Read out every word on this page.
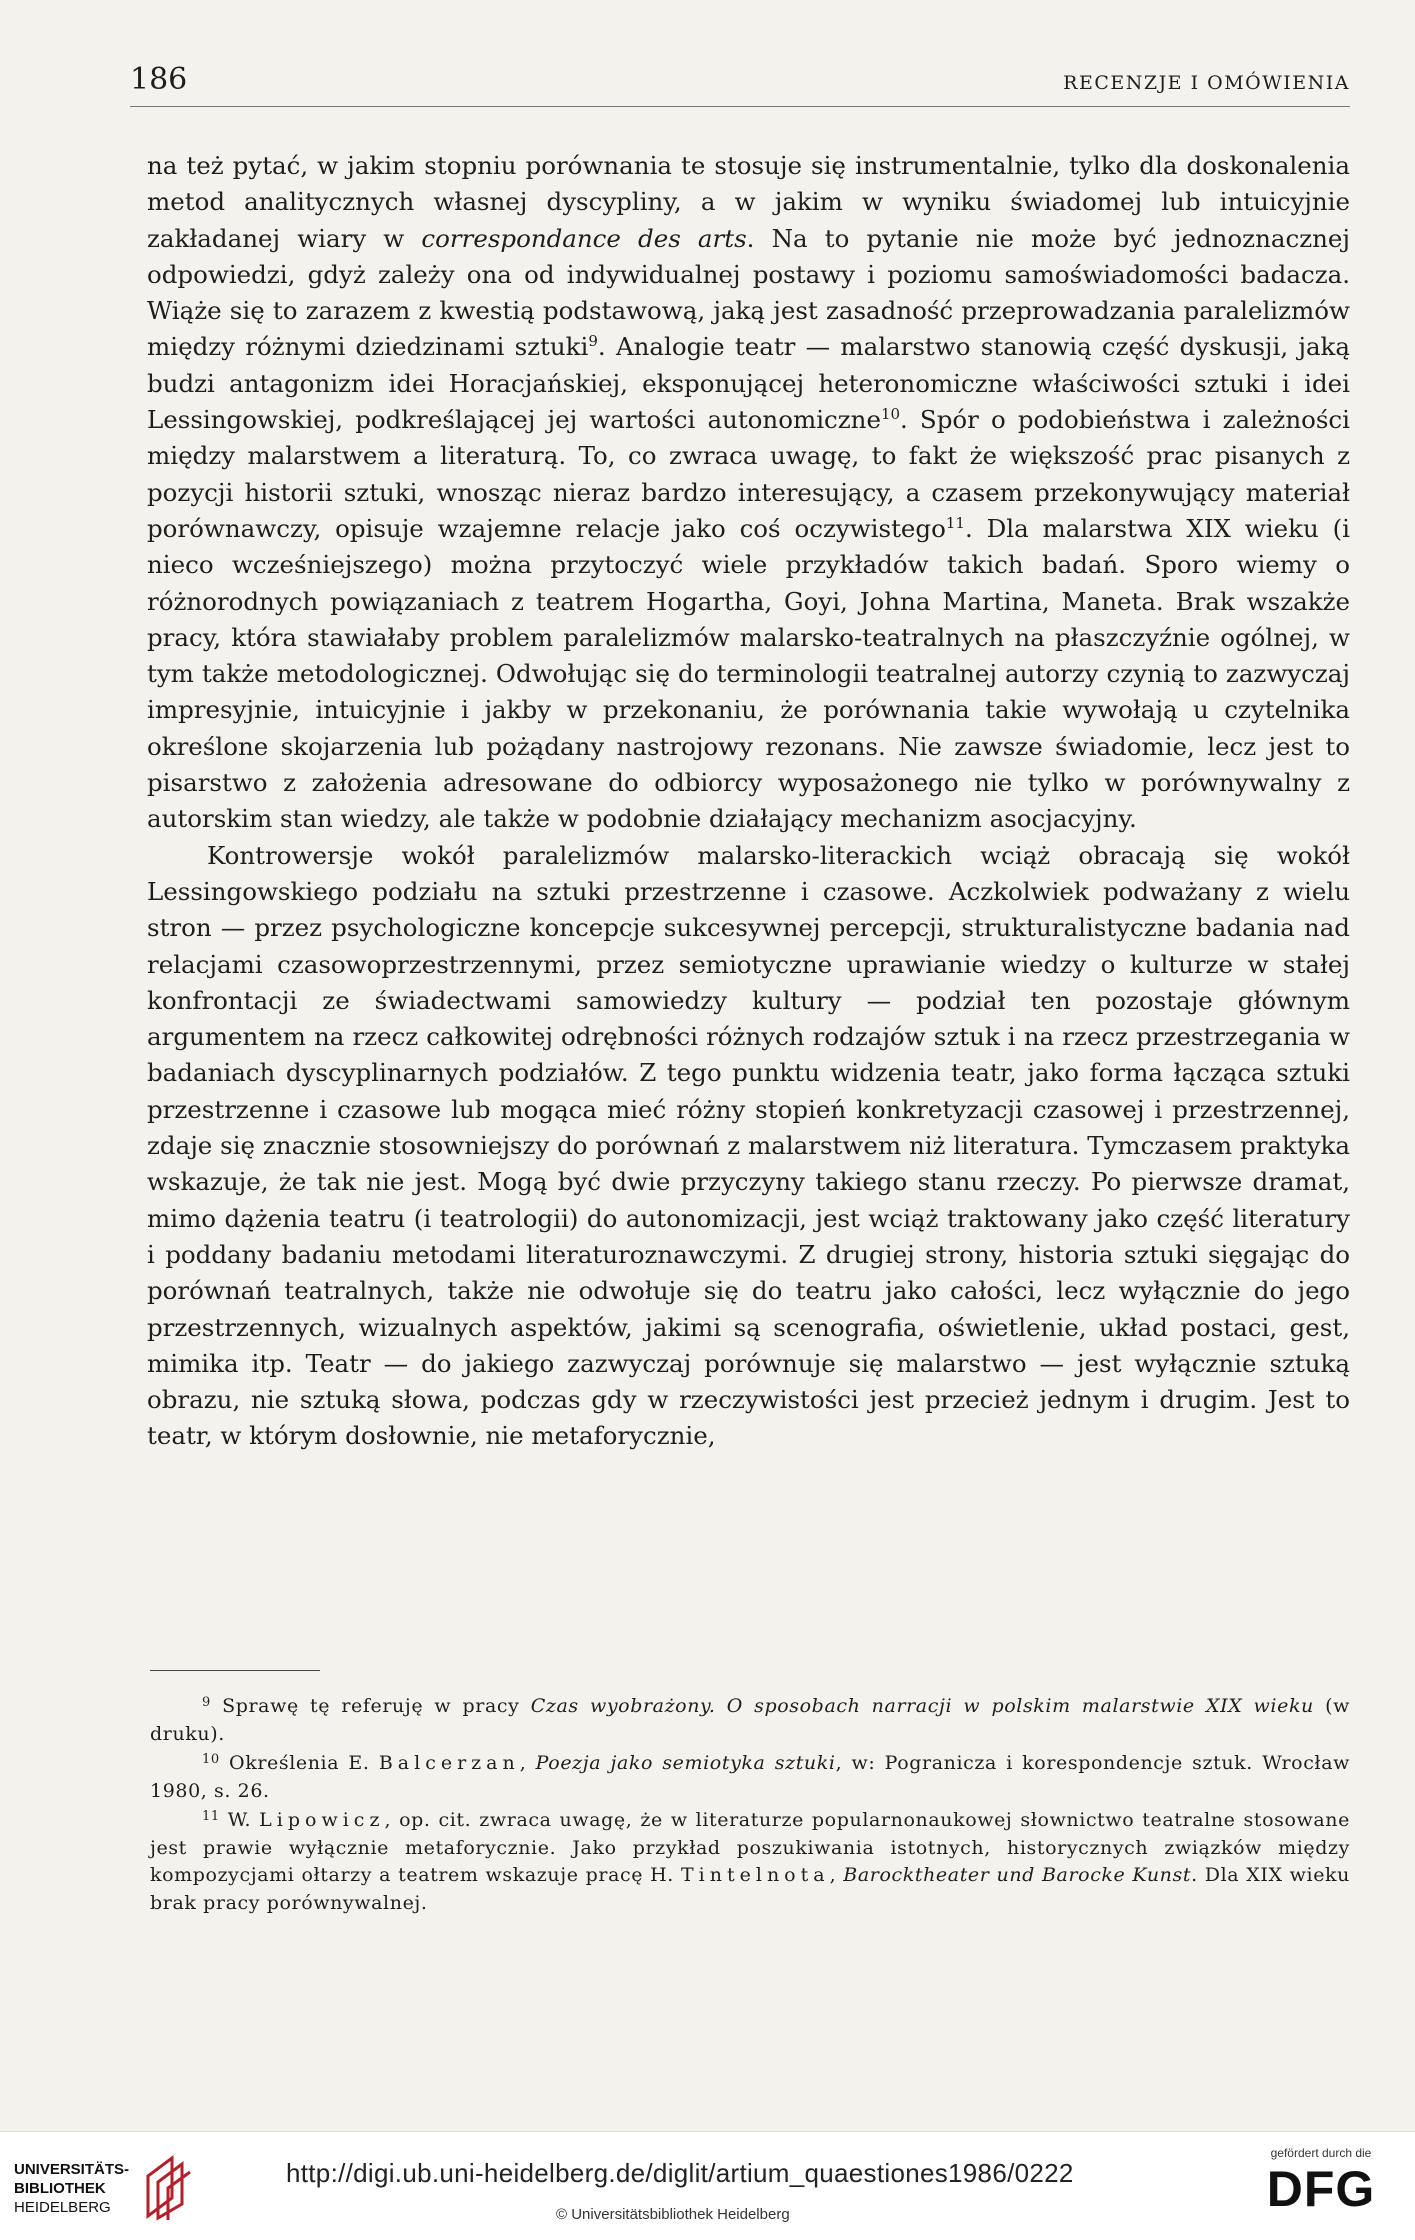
186	RECENZJE I OMÓWIENIA

na też pytać, w jakim stopniu porównania te stosuje się instrumentalnie, tylko dla doskonalenia metod analitycznych własnej dyscypliny, a w jakim w wyniku świadomej lub intuicyjnie zakładanej wiary w correspondance des arts. Na to pytanie nie może być jednoznacznej odpowiedzi, gdyż zależy ona od indywidualnej postawy i poziomu samoświadomości badacza. Wiąże się to zarazem z kwestią podstawową, jaką jest zasadność przeprowadzania paralelizmów między różnymi dziedzinami sztuki$^9$. Analogie teatr — malarstwo stanowią część dyskusji, jaką budzi antagonizm idei Horacjańskiej, eksponującej heteronomiczne właściwości sztuki i idei Lessingowskiej, podkreślającej jej wartości autonomiczne$^{10}$. Spór o podobieństwa i zależności między malarstwem a literaturą. To, co zwraca uwagę, to fakt że większość prac pisanych z pozycji historii sztuki, wnosząc nieraz bardzo interesujący, a czasem przekonywujący materiał porównawczy, opisuje wzajemne relacje jako coś oczywistego$^{11}$. Dla malarstwa XIX wieku (i nieco wcześniejszego) można przytoczyć wiele przykładów takich badań. Sporo wiemy o różnorodnych powiązaniach z teatrem Hogartha, Goyi, Johna Martina, Maneta. Brak wszakże pracy, która stawiałaby problem paralelizmów malarsko-teatralnych na płaszczyźnie ogólnej, w tym także metodologicznej. Odwołując się do terminologii teatralnej autorzy czynią to zazwyczaj impresyjnie, intuicyjnie i jakby w przekonaniu, że porównania takie wywołają u czytelnika określone skojarzenia lub pożądany nastrojowy rezonans. Nie zawsze świadomie, lecz jest to pisarstwo z założenia adresowane do odbiorcy wyposażonego nie tylko w porównywalny z autorskim stan wiedzy, ale także w podobnie działający mechanizm asocjacyjny.

Kontrowersje wokół paralelizmów malarsko-literackich wciąż obracają się wokół Lessingowskiego podziału na sztuki przestrzenne i czasowe. Aczkolwiek podważany z wielu stron — przez psychologiczne koncepcje sukcesywnej percepcji, strukturalistyczne badania nad relacjami czasowoprzestrzennymi, przez semiotyczne uprawianie wiedzy o kulturze w stałej konfrontacji ze świadectwami samowiedzy kultury — podział ten pozostaje głównym argumentem na rzecz całkowitej odrębności różnych rodzajów sztuk i na rzecz przestrzegania w badaniach dyscyplinarnych podziałów. Z tego punktu widzenia teatr, jako forma łącząca sztuki przestrzenne i czasowe lub mogąca mieć różny stopień konkretyzacji czasowej i przestrzennej, zdaje się znacznie stosowniejszy do porównań z malarstwem niż literatura. Tymczasem praktyka wskazuje, że tak nie jest. Mogą być dwie przyczyny takiego stanu rzeczy. Po pierwsze dramat, mimo dążenia teatru (i teatrologii) do autonomizacji, jest wciąż traktowany jako część literatury i poddany badaniu metodami literaturoznawczymi. Z drugiej strony, historia sztuki sięgając do porównań teatralnych, także nie odwołuje się do teatru jako całości, lecz wyłącznie do jego przestrzennych, wizualnych aspektów, jakimi są scenografia, oświetlenie, układ postaci, gest, mimika itp. Teatr — do jakiego zazwyczaj porównuje się malarstwo — jest wyłącznie sztuką obrazu, nie sztuką słowa, podczas gdy w rzeczywistości jest przecież jednym i drugim. Jest to teatr, w którym dosłownie, nie metaforycznie,

$^9$ Sprawę tę referuję w pracy Czas wyobrażony. O sposobach narracji w polskim malarstwie XIX wieku (w druku).

$^{10}$ Określenia E. Balcerzan, Poezja jako semiotyka sztuki, w: Pogranicza i korespondencje sztuk. Wrocław 1980, s. 26.

$^{11}$ W. Lipowicz, op. cit. zwraca uwagę, że w literaturze popularnonaukowej słownictwo teatralne stosowane jest prawie wyłącznie metaforycznie. Jako przykład poszukiwania istotnych, historycznych związków między kompozycjami ołtarzy a teatrem wskazuje pracę H. Tintelnota, Barocktheater und Barocke Kunst. Dla XIX wieku brak pracy porównywalnej.

UNIVERSITÄTS-
BIBLIOTHEK
HEIDELBERG
http://digi.ub.uni-heidelberg.de/diglit/artium_quaestiones1986/0222
© Universitätsbibliothek Heidelberg
gefördert durch die
DFG
